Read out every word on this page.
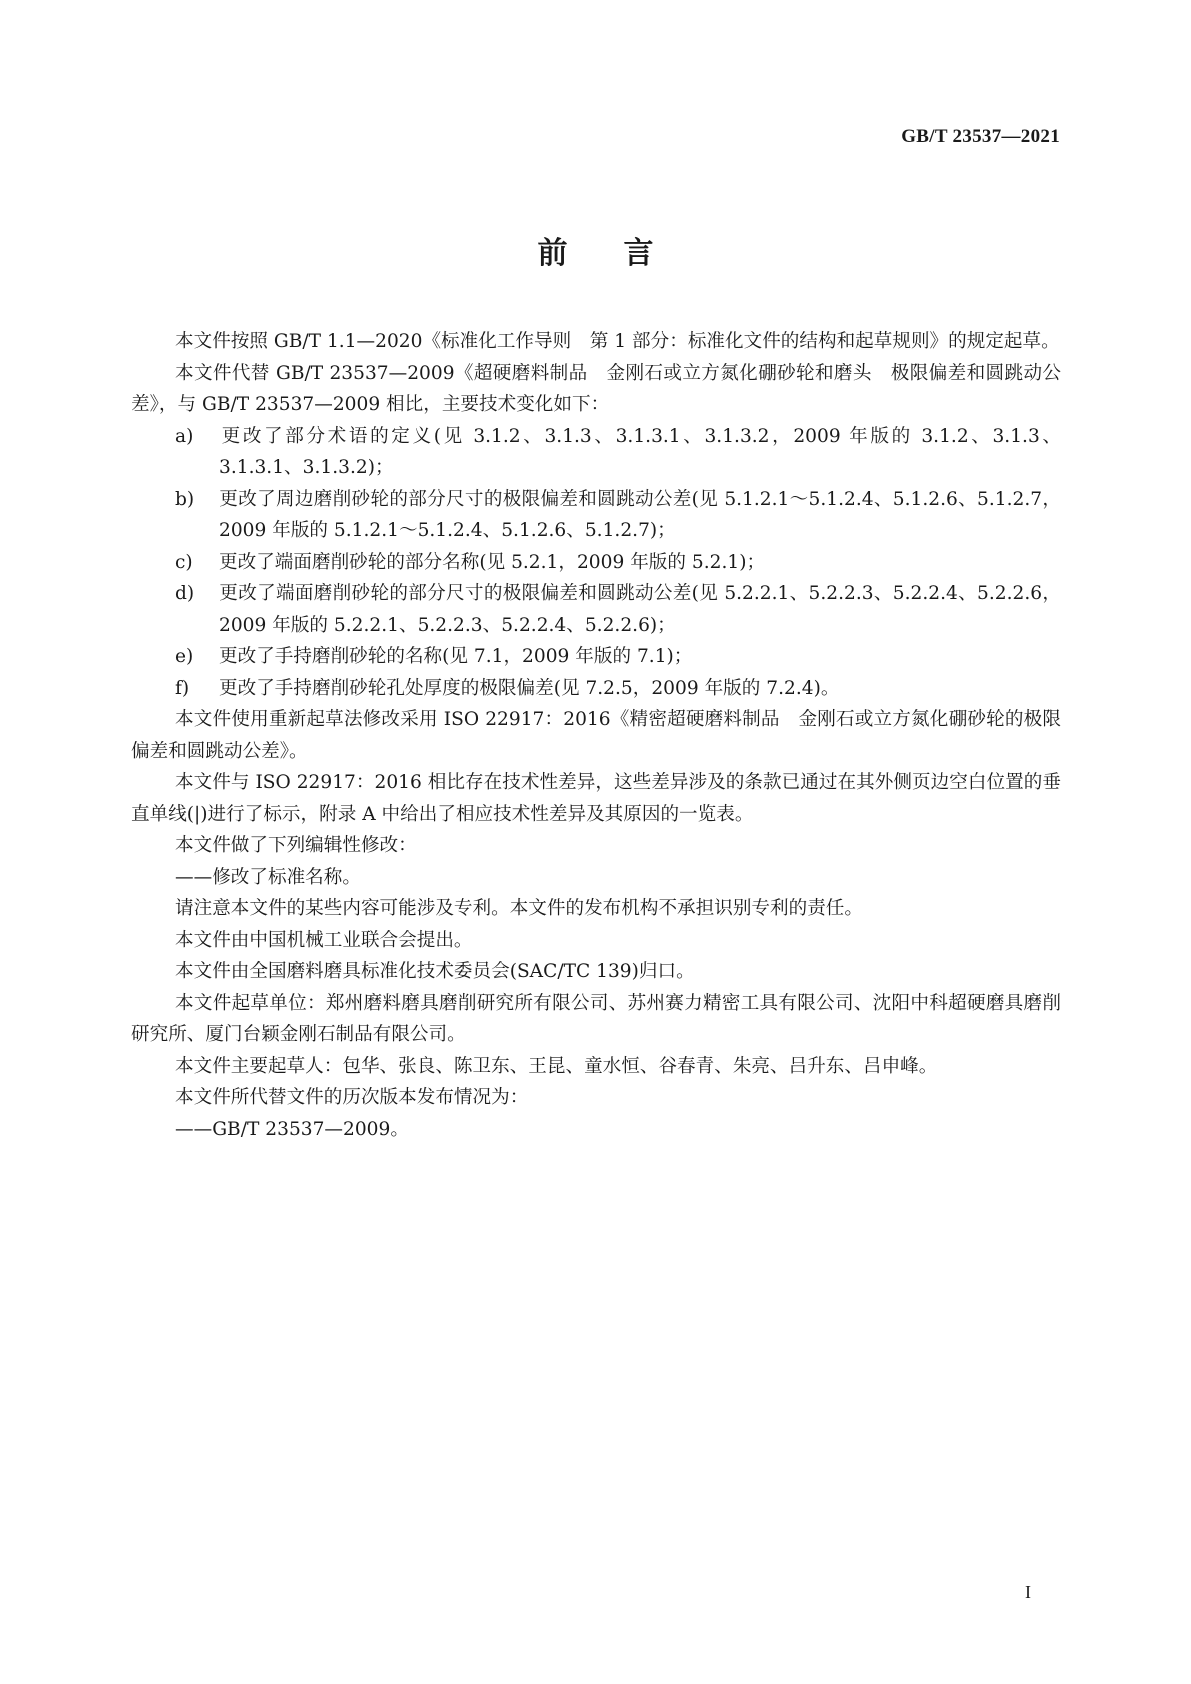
GB/T 23537—2021
前言

本文件按照 GB/T 1.1—2020《标准化工作导则　第 1 部分：标准化文件的结构和起草规则》的规定起草。

本文件代替 GB/T 23537—2009《超硬磨料制品　金刚石或立方氮化硼砂轮和磨头　极限偏差和圆跳动公差》，与 GB/T 23537—2009 相比，主要技术变化如下：

a) 更改了部分术语的定义(见 3.1.2、3.1.3、3.1.3.1、3.1.3.2，2009 年版的 3.1.2、3.1.3、3.1.3.1、3.1.3.2)；

b) 更改了周边磨削砂轮的部分尺寸的极限偏差和圆跳动公差(见 5.1.2.1～5.1.2.4、5.1.2.6、5.1.2.7，2009 年版的 5.1.2.1～5.1.2.4、5.1.2.6、5.1.2.7)；

c) 更改了端面磨削砂轮的部分名称(见 5.2.1，2009 年版的 5.2.1)；

d) 更改了端面磨削砂轮的部分尺寸的极限偏差和圆跳动公差(见 5.2.2.1、5.2.2.3、5.2.2.4、5.2.2.6，2009 年版的 5.2.2.1、5.2.2.3、5.2.2.4、5.2.2.6)；

e) 更改了手持磨削砂轮的名称(见 7.1，2009 年版的 7.1)；

f) 更改了手持磨削砂轮孔处厚度的极限偏差(见 7.2.5，2009 年版的 7.2.4)。

本文件使用重新起草法修改采用 ISO 22917：2016《精密超硬磨料制品　金刚石或立方氮化硼砂轮的极限偏差和圆跳动公差》。

本文件与 ISO 22917：2016 相比存在技术性差异，这些差异涉及的条款已通过在其外侧页边空白位置的垂直单线(|)进行了标示，附录 A 中给出了相应技术性差异及其原因的一览表。

本文件做了下列编辑性修改：

——修改了标准名称。

请注意本文件的某些内容可能涉及专利。本文件的发布机构不承担识别专利的责任。

本文件由中国机械工业联合会提出。

本文件由全国磨料磨具标准化技术委员会(SAC/TC 139)归口。

本文件起草单位：郑州磨料磨具磨削研究所有限公司、苏州赛力精密工具有限公司、沈阳中科超硬磨具磨削研究所、厦门台颖金刚石制品有限公司。

本文件主要起草人：包华、张良、陈卫东、王昆、童水恒、谷春青、朱亮、吕升东、吕申峰。

本文件所代替文件的历次版本发布情况为：

——GB/T 23537—2009。

I
